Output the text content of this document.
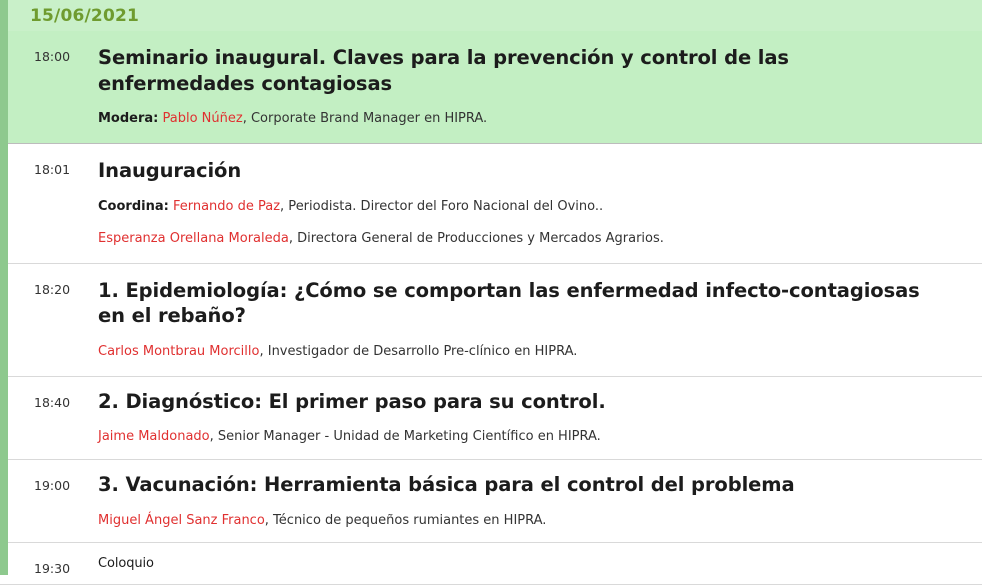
15/06/2021
18:00	Seminario inaugural. Claves para la prevención y control de las enfermedades contagiosas
Modera: Pablo Núñez, Corporate Brand Manager en HIPRA.
18:01	Inauguración
Coordina: Fernando de Paz, Periodista. Director del Foro Nacional del Ovino..
Esperanza Orellana Moraleda, Directora General de Producciones y Mercados Agrarios.
18:20	1. Epidemiología: ¿Cómo se comportan las enfermedad infecto-contagiosas en el rebaño?
Carlos Montbrau Morcillo, Investigador de Desarrollo Pre-clínico en HIPRA.
18:40	2. Diagnóstico: El primer paso para su control.
Jaime Maldonado, Senior Manager - Unidad de Marketing Científico en HIPRA.
19:00	3. Vacunación: Herramienta básica para el control del problema
Miguel Ángel Sanz Franco, Técnico de pequeños rumiantes en HIPRA.
19:30	Coloquio
